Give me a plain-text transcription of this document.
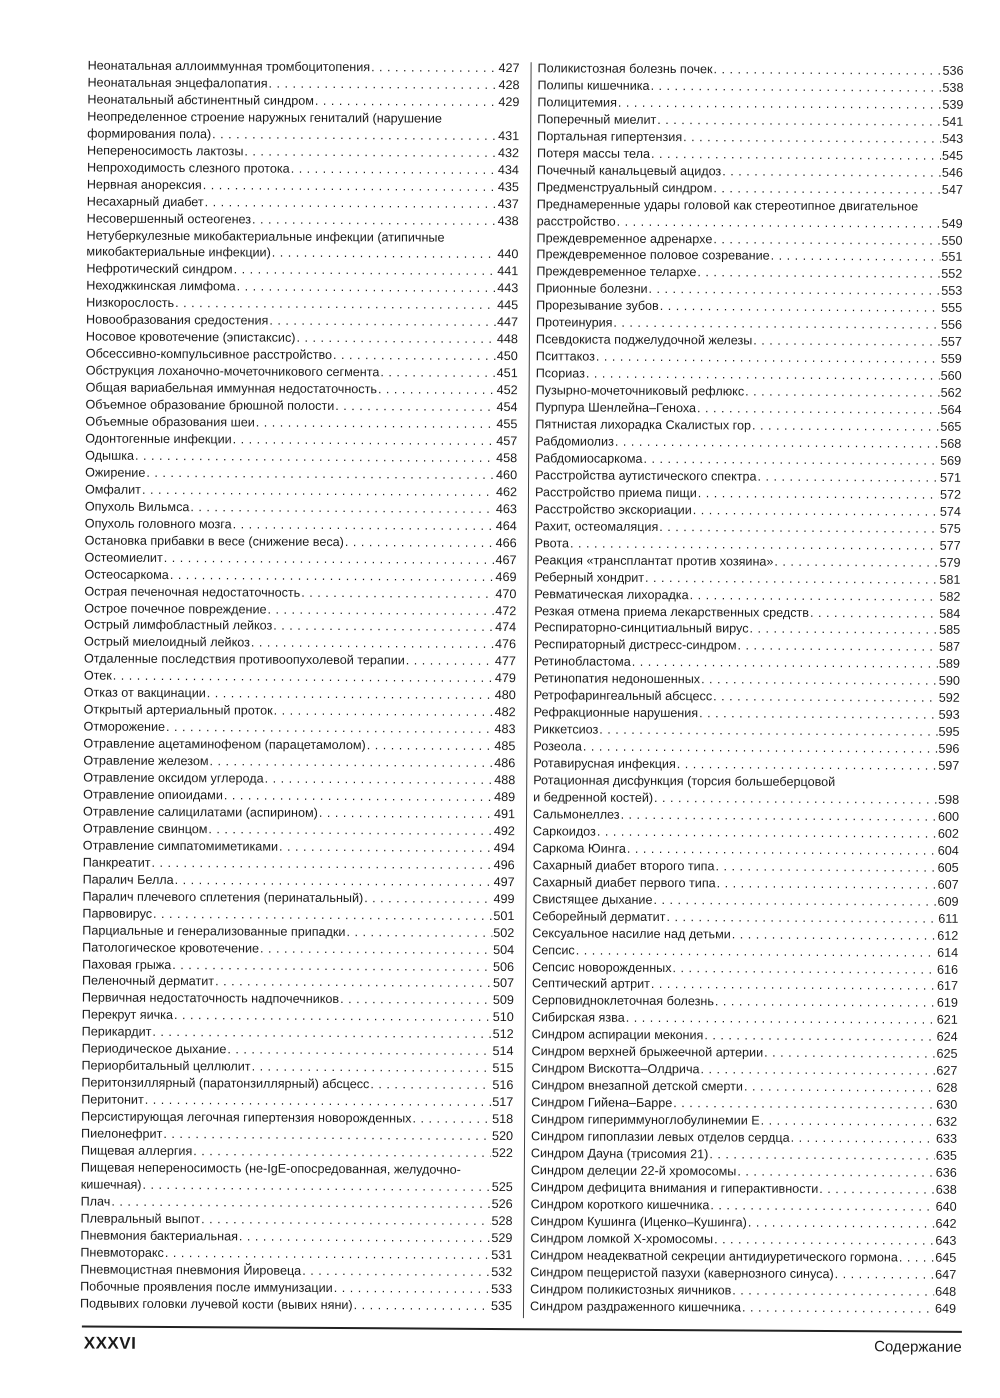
Неонатальная аллоиммунная тромбоцитопения . . .	427
Неонатальная энцефалопатия . . .	428
Неонатальный абстинентный синдром . . .	429
Неопределенное строение наружных гениталий (нарушение
формирования пола) . . .	431
Непереносимость лактозы . . .	432
Непроходимость слезного протока . . .	434
Нервная анорексия . . .	435
Несахарный диабет . . .	437
Несовершенный остеогенез . . .	438
Нетуберкулезные микобактериальные инфекции (атипичные
микобактериальные инфекции) . . .	440
Нефротический синдром . . .	441
Неходжкинская лимфома . . .	443
Низкорослость . . .	445
Новообразования средостения . . .	447
Носовое кровотечение (эпистаксис) . . .	448
Обсессивно-компульсивное расстройство . . .	450
Обструкция лоханочно-мочеточникового сегмента . . .	451
Общая вариабельная иммунная недостаточность . . .	452
Объемное образование брюшной полости . . .	454
Объемные образования шеи . . .	455
Одонтогенные инфекции . . .	457
Одышка . . .	458
Ожирение . . .	460
Омфалит . . .	462
Опухоль Вильмса . . .	463
Опухоль головного мозга . . .	464
Остановка прибавки в весе (снижение веса) . . .	466
Остеомиелит . . .	467
Остеосаркома . . .	469
Острая печеночная недостаточность . . .	470
Острое почечное повреждение . . .	472
Острый лимфобластный лейкоз . . .	474
Острый миелоидный лейкоз . . .	476
Отдаленные последствия противоопухолевой терапии . . .	477
Отек . . .	479
Отказ от вакцинации . . .	480
Открытый артериальный проток . . .	482
Отморожение . . .	483
Отравление ацетаминофеном (парацетамолом) . . .	485
Отравление железом . . .	486
Отравление оксидом углерода . . .	488
Отравление опиоидами . . .	489
Отравление салицилатами (аспирином) . . .	491
Отравление свинцом . . .	492
Отравление симпатомиметиками . . .	494
Панкреатит . . .	496
Паралич Белла . . .	497
Паралич плечевого сплетения (перинатальный) . . .	499
Парвовирус . . .	501
Парциальные и генерализованные припадки . . .	502
Патологическое кровотечение . . .	504
Паховая грыжа . . .	506
Пеленочный дерматит . . .	507
Первичная недостаточность надпочечников . . .	509
Перекрут яичка . . .	510
Перикардит . . .	512
Периодическое дыхание . . .	514
Периорбитальный целлюлит . . .	515
Перитонзиллярный (паратонзиллярный) абсцесс . . .	516
Перитонит . . .	517
Персистирующая легочная гипертензия новорожденных . . .	518
Пиелонефрит . . .	520
Пищевая аллергия . . .	522
Пищевая непереносимость (не-IgE-опосредованная, желудочно-
кишечная) . . .	525
Плач . . .	526
Плевральный выпот . . .	528
Пневмония бактериальная . . .	529
Пневмоторакс . . .	531
Пневмоцистная пневмония Йировеца . . .	532
Побочные проявления после иммунизации . . .	533
Подвывих головки лучевой кости (вывих няни) . . .	535
Поликистозная болезнь почек . . .	536
Полипы кишечника . . .	538
Полицитемия . . .	539
Поперечный миелит . . .	541
Портальная гипертензия . . .	543
Потеря массы тела . . .	545
Почечный канальцевый ацидоз . . .	546
Предменструальный синдром . . .	547
Преднамеренные удары головой как стереотипное двигательное
расстройство . . .	549
Преждевременное адренархе . . .	550
Преждевременное половое созревание . . .	551
Преждевременное телархе . . .	552
Прионные болезни . . .	553
Прорезывание зубов . . .	555
Протеинурия . . .	556
Псевдокиста поджелудочной железы . . .	557
Пситтакоз . . .	559
Псориаз . . .	560
Пузырно-мочеточниковый рефлюкс . . .	562
Пурпура Шенлейна–Геноха . . .	564
Пятнистая лихорадка Скалистых гор . . .	565
Рабдомиолиз . . .	568
Рабдомиосаркома . . .	569
Расстройства аутистического спектра . . .	571
Расстройство приема пищи . . .	572
Расстройство экскориации . . .	574
Рахит, остеомаляция . . .	575
Рвота . . .	577
Реакция «трансплантат против хозяина» . . .	579
Реберный хондрит . . .	581
Ревматическая лихорадка . . .	582
Резкая отмена приема лекарственных средств . . .	584
Респираторно-синцитиальный вирус . . .	585
Респираторный дистресс-синдром . . .	587
Ретинобластома . . .	589
Ретинопатия недоношенных . . .	590
Ретрофарингеальный абсцесс . . .	592
Рефракционные нарушения . . .	593
Риккетсиоз . . .	595
Розеола . . .	596
Ротавирусная инфекция . . .	597
Ротационная дисфункция (торсия большеберцовой
и бедренной костей) . . .	598
Сальмонеллез . . .	600
Саркоидоз . . .	602
Саркома Юинга . . .	604
Сахарный диабет второго типа . . .	605
Сахарный диабет первого типа . . .	607
Свистящее дыхание . . .	609
Себорейный дерматит . . .	611
Сексуальное насилие над детьми . . .	612
Сепсис . . .	614
Сепсис новорожденных . . .	616
Септический артрит . . .	617
Серповидноклеточная болезнь . . .	619
Сибирская язва . . .	621
Синдром аспирации мекония . . .	624
Синдром верхней брыжеечной артерии . . .	625
Синдром Вискотта–Олдрича . . .	627
Синдром внезапной детской смерти . . .	628
Синдром Гийена–Барре . . .	630
Синдром гипериммуноглобулинемии E . . .	632
Синдром гипоплазии левых отделов сердца . . .	633
Синдром Дауна (трисомия 21) . . .	635
Синдром делеции 22-й хромосомы . . .	636
Синдром дефицита внимания и гиперактивности . . .	638
Синдром короткого кишечника . . .	640
Синдром Кушинга (Иценко–Кушинга) . . .	642
Синдром ломкой X-хромосомы . . .	643
Синдром неадекватной секреции антидиуретического гормона . . .	645
Синдром пещеристой пазухи (кавернозного синуса) . . .	647
Синдром поликистозных яичников . . .	648
Синдром раздраженного кишечника . . .	649
XXXVI	Содержание
